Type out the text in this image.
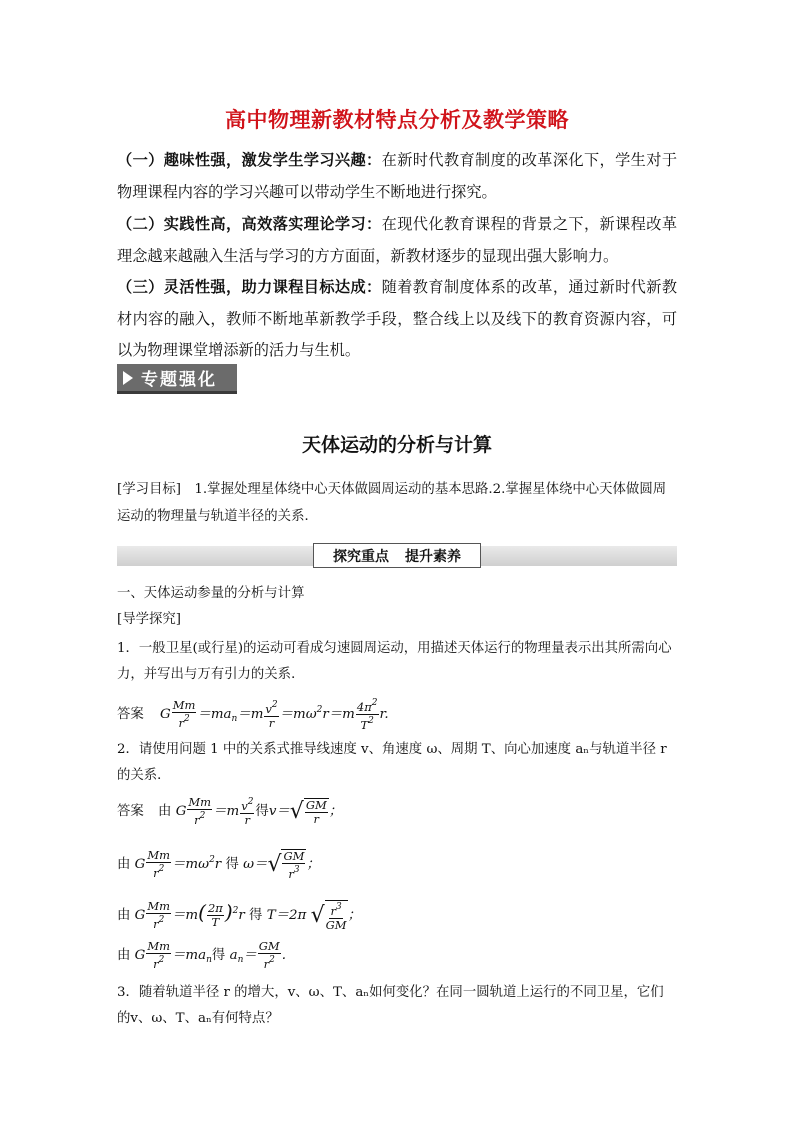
高中物理新教材特点分析及教学策略
（一）趣味性强，激发学生学习兴趣：在新时代教育制度的改革深化下，学生对于物理课程内容的学习兴趣可以带动学生不断地进行探究。
（二）实践性高，高效落实理论学习：在现代化教育课程的背景之下，新课程改革理念越来越融入生活与学习的方方面面，新教材逐步的显现出强大影响力。
（三）灵活性强，助力课程目标达成：随着教育制度体系的改革，通过新时代新教材内容的融入，教师不断地革新教学手段，整合线上以及线下的教育资源内容，可以为物理课堂增添新的活力与生机。
专题强化
天体运动的分析与计算
[学习目标]　1.掌握处理星体绕中心天体做圆周运动的基本思路.2.掌握星体绕中心天体做圆周运动的物理量与轨道半径的关系．
探究重点 提升素养
一、天体运动参量的分析与计算
[导学探究]
1．一般卫星(或行星)的运动可看成匀速圆周运动，用描述天体运行的物理量表示出其所需向心力，并写出与万有引力的关系．
答案 G $\frac{Mm}{r^2} =ma_n=m \frac{v^2}{r} =m\omega^2r=m \frac{4\pi^2}{T^2} r$.
2．请使用问题 1 中的关系式推导线速度 v、角速度 ω、周期 T、向心加速度 aₙ与轨道半径 r 的关系．
答案 由 G $\frac{Mm}{r^2} =m \frac{v^2}{r}$ 得v＝ √ $\frac{GM}{r}$ ；
由 G $\frac{Mm}{r^2} =m\omega^2r$ 得 ω＝ √ $\frac{GM}{r^3}$ ；
由 G $\frac{Mm}{r^2} =m( \frac{2\pi}{T} )^2r$ 得 T＝2π √ $\frac{r^3}{GM}$ ；
由 G $\frac{Mm}{r^2} =ma_n$得 $a_n= \frac{GM}{r^2}$ .
3．随着轨道半径 r 的增大，v、ω、T、aₙ如何变化？在同一圆轨道上运行的不同卫星，它们的v、ω、T、aₙ有何特点？
